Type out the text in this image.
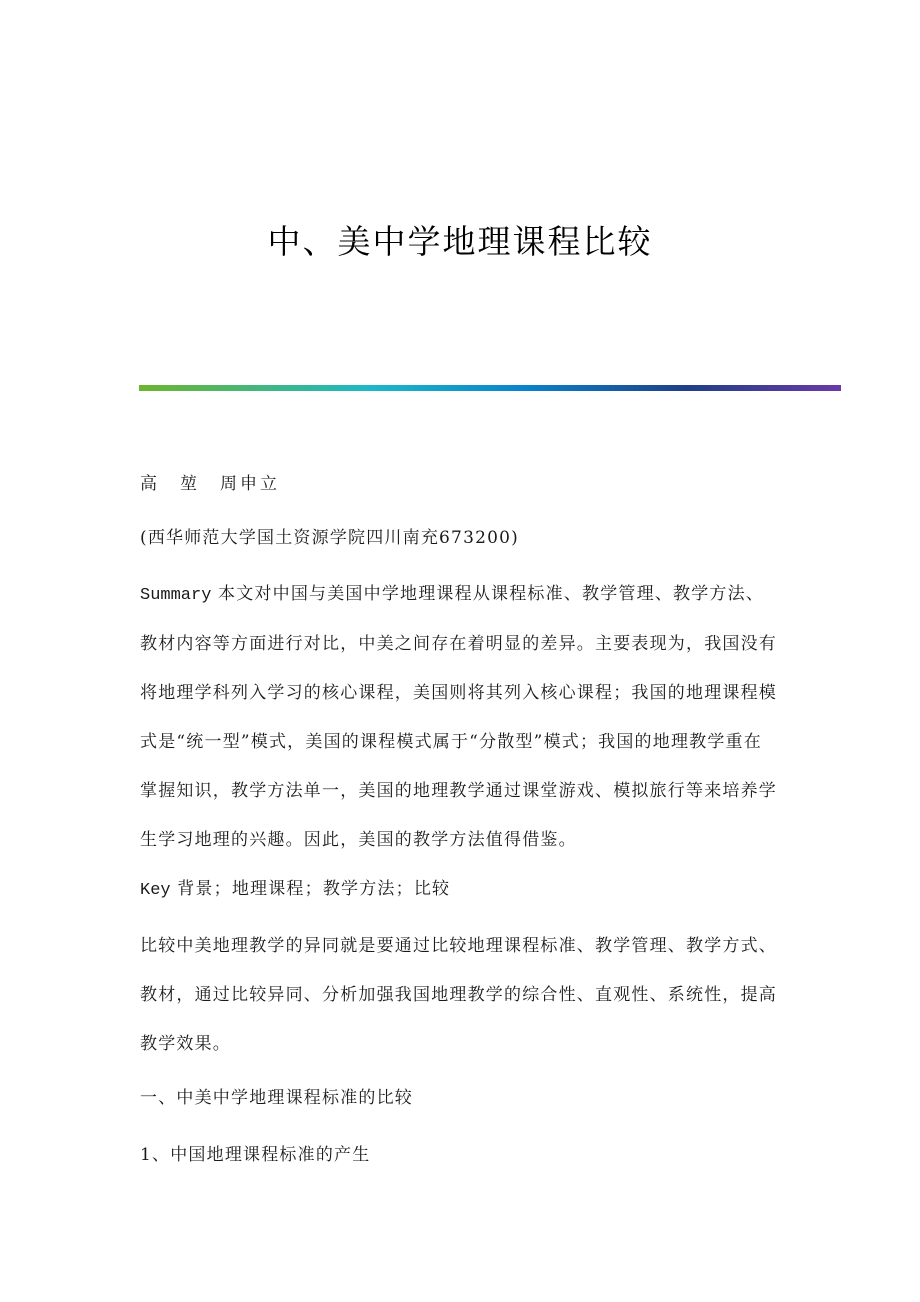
中、美中学地理课程比较

高　堃　周申立

(西华师范大学国土资源学院四川南充673200)

Summary 本文对中国与美国中学地理课程从课程标准、教学管理、教学方法、教材内容等方面进行对比，中美之间存在着明显的差异。主要表现为，我国没有将地理学科列入学习的核心课程，美国则将其列入核心课程；我国的地理课程模式是“统一型”模式，美国的课程模式属于“分散型”模式；我国的地理教学重在掌握知识，教学方法单一，美国的地理教学通过课堂游戏、模拟旅行等来培养学生学习地理的兴趣。因此，美国的教学方法值得借鉴。

Key 背景；地理课程；教学方法；比较

比较中美地理教学的异同就是要通过比较地理课程标准、教学管理、教学方式、教材，通过比较异同、分析加强我国地理教学的综合性、直观性、系统性，提高教学效果。

一、中美中学地理课程标准的比较

1、中国地理课程标准的产生
